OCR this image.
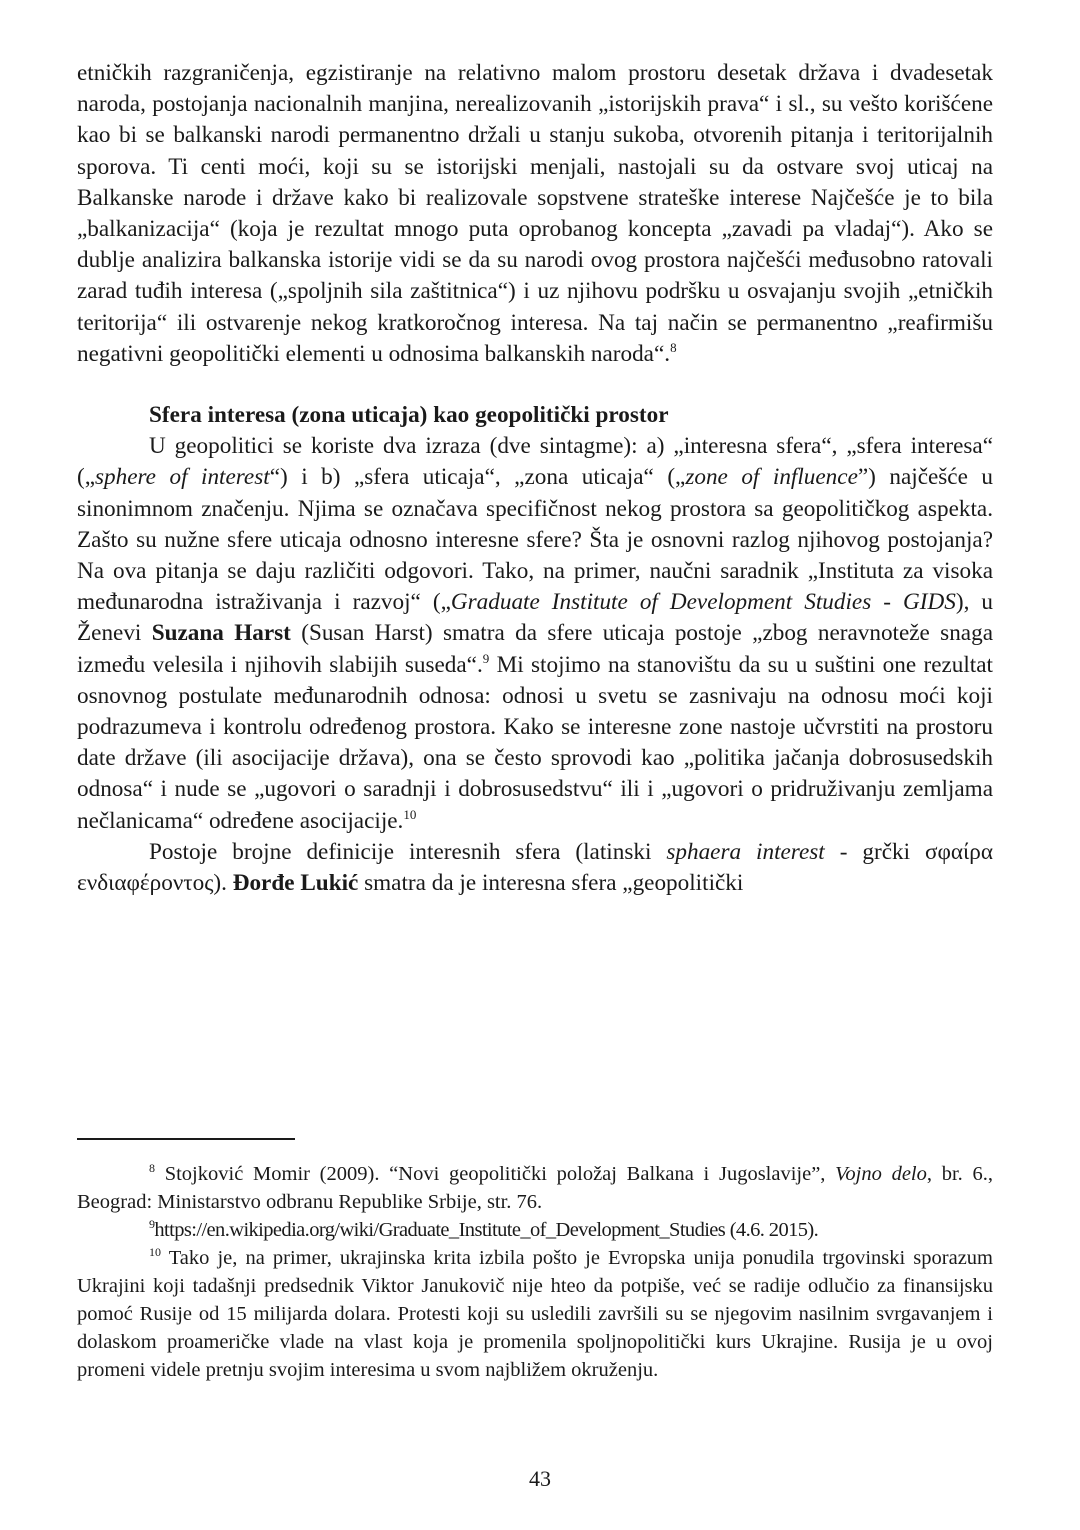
etničkih razgraničenja, egzistiranje na relativno malom prostoru desetak država i dvadesetak naroda, postojanja nacionalnih manjina, nerealizovanih „istorijskih prava“ i sl., su vešto korišćene kao bi se balkanski narodi permanentno držali u stanju sukoba, otvorenih pitanja i teritorijalnih sporova. Ti centi moći, koji su se istorijski menjali, nastojali su da ostvare svoj uticaj na Balkanske narode i države kako bi realizovale sopstvene strateške interese Najčešće je to bila „balkanizacija“ (koja je rezultat mnogo puta oprobanog koncepta „zavadi pa vladaj“). Ako se dublje analizira balkanska istorije vidi se da su narodi ovog prostora najčešći međusobno ratovali zarad tuđih interesa („spoljnih sila zaštitnica“) i uz njihovu podršku u osvajanju svojih „etničkih teritorija“ ili ostvarenje nekog kratkoročnog interesa. Na taj način se permanentno „reafirmišu negativni geopolitički elementi u odnosima balkanskih naroda“.$^8$

Sfera interesa (zona uticaja) kao geopolitički prostor

U geopolitici se koriste dva izraza (dve sintagme): a) „interesna sfera“, „sfera interesa“ („sphere of interest“) i b) „sfera uticaja“, „zona uticaja“ („zone of influence”) najčešće u sinonimnom značenju. Njima se označava specifičnost nekog prostora sa geopolitičkog aspekta. Zašto su nužne sfere uticaja odnosno interesne sfere? Šta je osnovni razlog njihovog postojanja? Na ova pitanja se daju različiti odgovori. Tako, na primer, naučni saradnik „Instituta za visoka međunarodna istraživanja i razvoj“ („Graduate Institute of Development Studies - GIDS), u Ženevi Suzana Harst (Susan Harst) smatra da sfere uticaja postoje „zbog neravnoteže snaga između velesila i njihovih slabijih suseda“.$^9$ Mi stojimo na stanovištu da su u suštini one rezultat osnovnog postulate međunarodnih odnosa: odnosi u svetu se zasnivaju na odnosu moći koji podrazumeva i kontrolu određenog prostora. Kako se interesne zone nastoje učvrstiti na prostoru date države (ili asocijacije država), ona se često sprovodi kao „politika jačanja dobrosusedskih odnosa“ i nude se „ugovori o saradnji i dobrosusedstvu“ ili i „ugovori o pridruživanju zemljama nečlanicama“ određene asocijacije.$^{10}$

Postoje brojne definicije interesnih sfera (latinski sphaera interest - grčki σφαίρα ενδιαφέροντος). Đorđe Lukić smatra da je interesna sfera „geopolitički

$^8$ Stojković Momir (2009). “Novi geopolitički položaj Balkana i Jugoslavije”, Vojno delo, br. 6., Beograd: Ministarstvo odbranu Republike Srbije, str. 76.

$^9$https://en.wikipedia.org/wiki/Graduate_Institute_of_Development_Studies (4.6. 2015).

$^{10}$ Tako je, na primer, ukrajinska krita izbila pošto je Evropska unija ponudila trgovinski sporazum Ukrajini koji tadašnji predsednik Viktor Janukovič nije hteo da potpiše, već se radije odlučio za finansijsku pomoć Rusije od 15 milijarda dolara. Protesti koji su usledili završili su se njegovim nasilnim svrgavanjem i dolaskom proameričke vlade na vlast koja je promenila spoljnopolitički kurs Ukrajine. Rusija je u ovoj promeni videle pretnju svojim interesima u svom najbližem okruženju.

43
